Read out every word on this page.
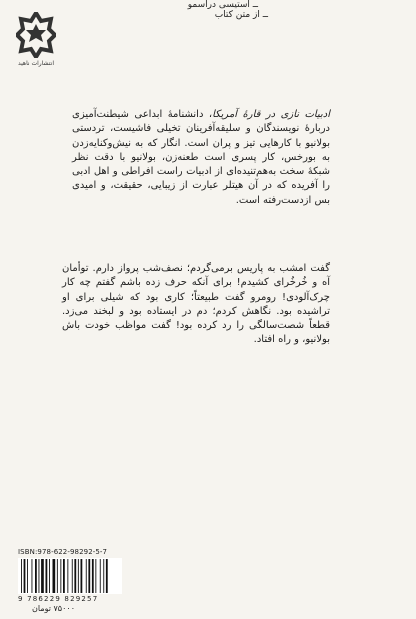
انتشارات ناهید

ادبیات نازی در قارهٔ آمریکا، دانشنامهٔ ابداعی شیطنت‌آمیزی دربارهٔ نویسندگان و سلیقه‌آفرینان تخیلی فاشیست، تردستی بولانیو با کارهایی تیز و پران است. انگار که به نیش‌وکنایه‌زدن به بورخس، کار پسری است طعنه‌زن، بولانیو با دقت نظر شبکهٔ سخت به‌هم‌تنیده‌ای از ادبیات راست افراطی و اهل ادبی را آفریده که در آن هیتلر عبارت از زیبایی، حقیقت، و امیدی بس ازدست‌رفته است.

ــ استیسی دراسمو

گفت امشب به پاریس برمی‌گردم؛ نصف‌شب پرواز دارم. توأمان آه و خُرخُرای کشیدم! برای آنکه حرف زده باشم گفتم چه کار چرک‌آلودی! رومرو گفت طبیعتاً؛ کاری بود که شیلی برای او تراشیده بود. نگاهش کردم؛ دم در ایستاده بود و لبخند می‌زد. قطعاً شصت‌سالگی را رد کرده بود! گفت مواظب خودت باش بولانیو، و راه افتاد.

ــ از متن کتاب
ISBN:978-622-98292-5-7
9 786229 829257
۷۵۰۰۰ تومان
